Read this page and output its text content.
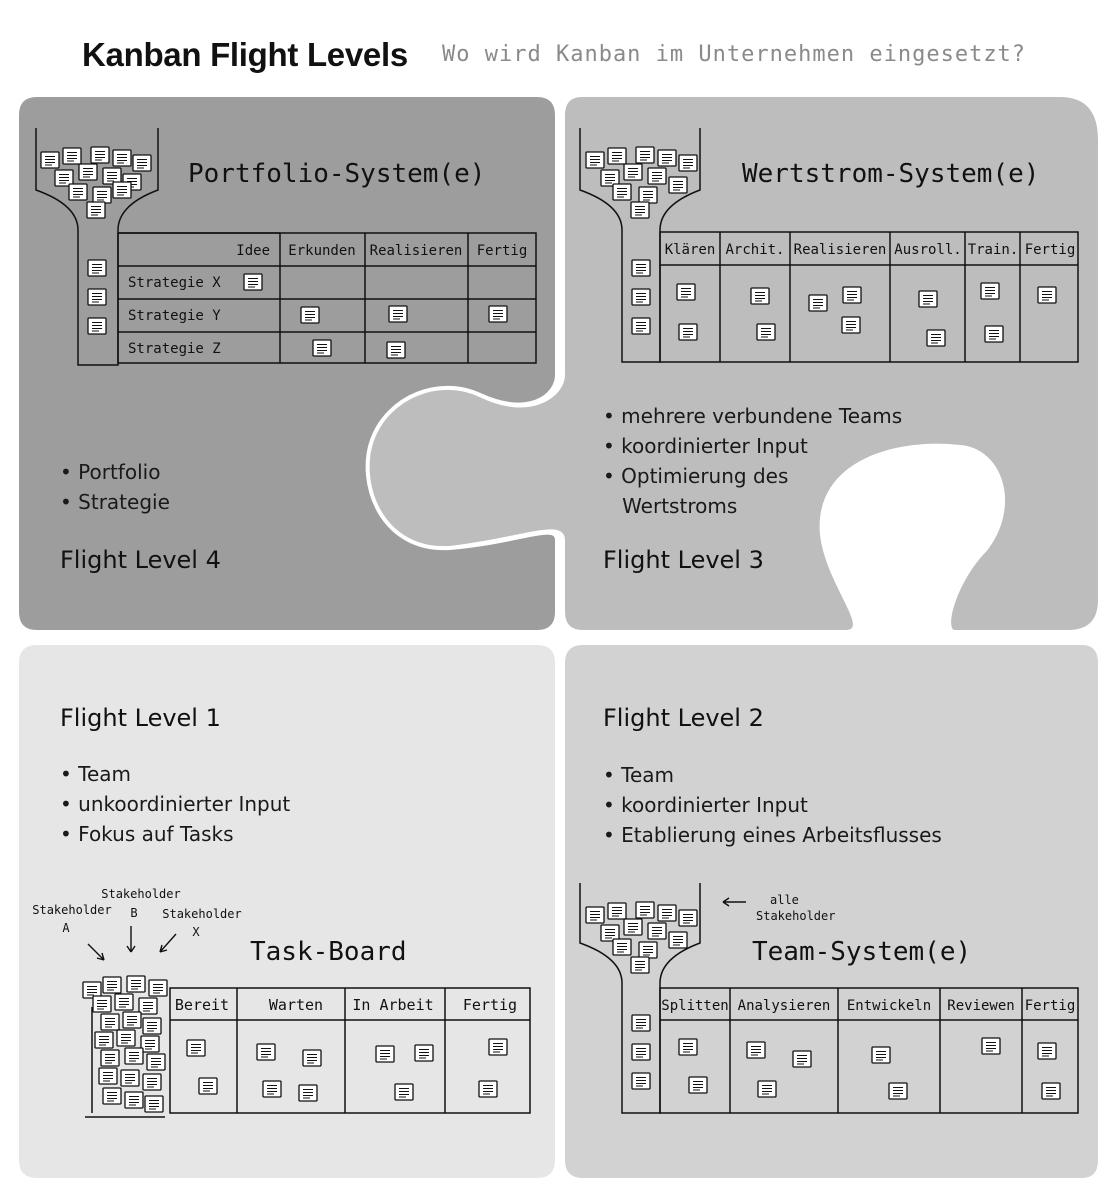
Kanban Flight Levels Wo wird Kanban im Unternehmen eingesetzt?
Idee Erkunden Realisieren Fertig
Strategie X
Strategie Y
Strategie Z
Portfolio-System(e)
Klären Archit. Realisieren Ausroll. Train. Fertig
Wertstrom-System(e)
Bereit	Warten In Arbeit Fertig
Task-Board
Stakeholder
A
Stakeholder
B Stakeholder
X
Splitten Analysieren Entwickeln Reviewen Fertig
Team-System(e)
alle
Stakeholder
Flight Level 4
• Portfolio
• Strategie
Flight Level 3
• mehrere verbundene Teams
• koordinierter Input
• Optimierung des
Wertstroms
Flight Level 1
• Team
• unkoordinierter Input
• Fokus auf Tasks
Flight Level 2
• Team
• koordinierter Input
• Etablierung eines Arbeitsflusses
